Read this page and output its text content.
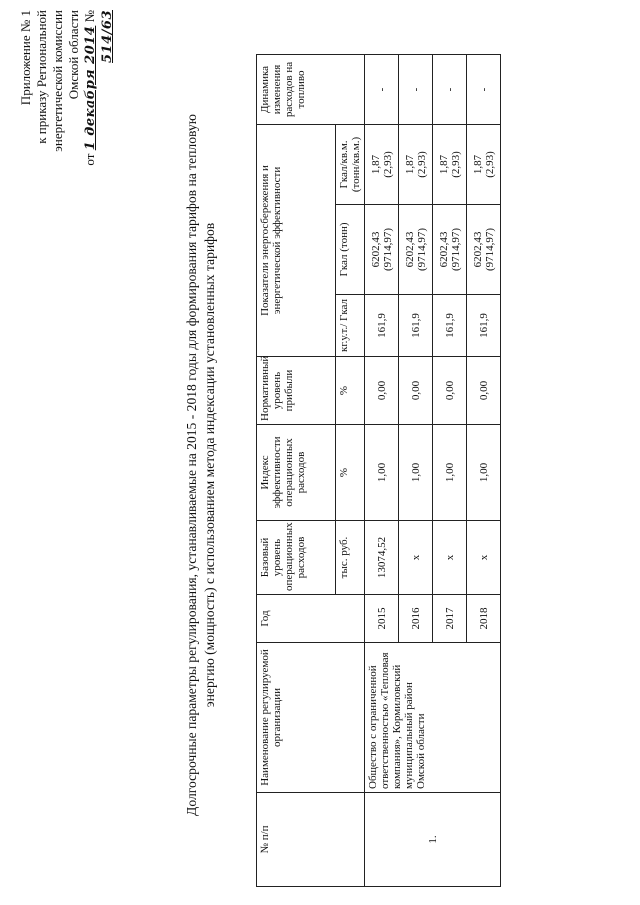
Приложение № 1 к приказу Региональной энергетической комиссии Омской области
от 1 декабря 2014 № 514/63
Долгосрочные параметры регулирования, устанавливаемые на 2015 - 2018 годы для формирования тарифов на тепловую энергию (мощность) с использованием метода индексации установленных тарифов
№ п/п	Наименование регулируемой организации	Год	Базовый уровень операционных расходов	Индекс эффективности операционных расходов	Нормативный уровень прибыли	Показатели энергосбережения и энергетической эффективности			Динамика изменения расходов на топливо
			тыс. руб.	%	%	кг.у.т./ Гкал	Гкал (тонн)	Гкал/кв.м. (тонн/кв.м.)	
1.	Общество с ограниченной ответственностью «Тепловая компания», Кормиловский муниципальный район Омской области	2015	13074,52	1,00	0,00	161,9	6202,43 (9714,97)	1,87 (2,93)	-
		2016	x	1,00	0,00	161,9	6202,43 (9714,97)	1,87 (2,93)	-
		2017	x	1,00	0,00	161,9	6202,43 (9714,97)	1,87 (2,93)	-
		2018	x	1,00	0,00	161,9	6202,43 (9714,97)	1,87 (2,93)	-
